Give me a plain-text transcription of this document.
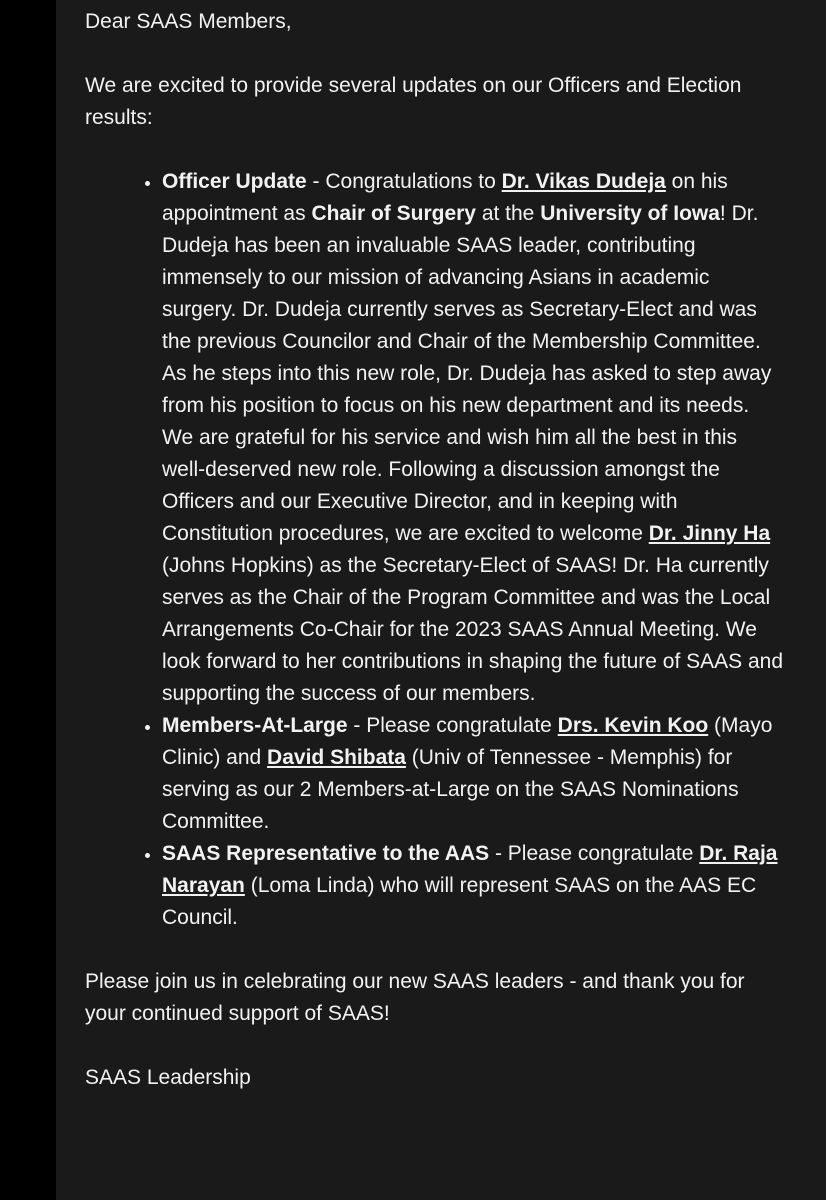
Dear SAAS Members,

We are excited to provide several updates on our Officers and Election results:

• Officer Update - Congratulations to Dr. Vikas Dudeja on his appointment as Chair of Surgery at the University of Iowa! Dr. Dudeja has been an invaluable SAAS leader, contributing immensely to our mission of advancing Asians in academic surgery. Dr. Dudeja currently serves as Secretary-Elect and was the previous Councilor and Chair of the Membership Committee. As he steps into this new role, Dr. Dudeja has asked to step away from his position to focus on his new department and its needs. We are grateful for his service and wish him all the best in this well-deserved new role. Following a discussion amongst the Officers and our Executive Director, and in keeping with Constitution procedures, we are excited to welcome Dr. Jinny Ha (Johns Hopkins) as the Secretary-Elect of SAAS! Dr. Ha currently serves as the Chair of the Program Committee and was the Local Arrangements Co-Chair for the 2023 SAAS Annual Meeting. We look forward to her contributions in shaping the future of SAAS and supporting the success of our members.
• Members-At-Large - Please congratulate Drs. Kevin Koo (Mayo Clinic) and David Shibata (Univ of Tennessee - Memphis) for serving as our 2 Members-at-Large on the SAAS Nominations Committee.
• SAAS Representative to the AAS - Please congratulate Dr. Raja Narayan (Loma Linda) who will represent SAAS on the AAS EC Council.

Please join us in celebrating our new SAAS leaders - and thank you for your continued support of SAAS!

SAAS Leadership
